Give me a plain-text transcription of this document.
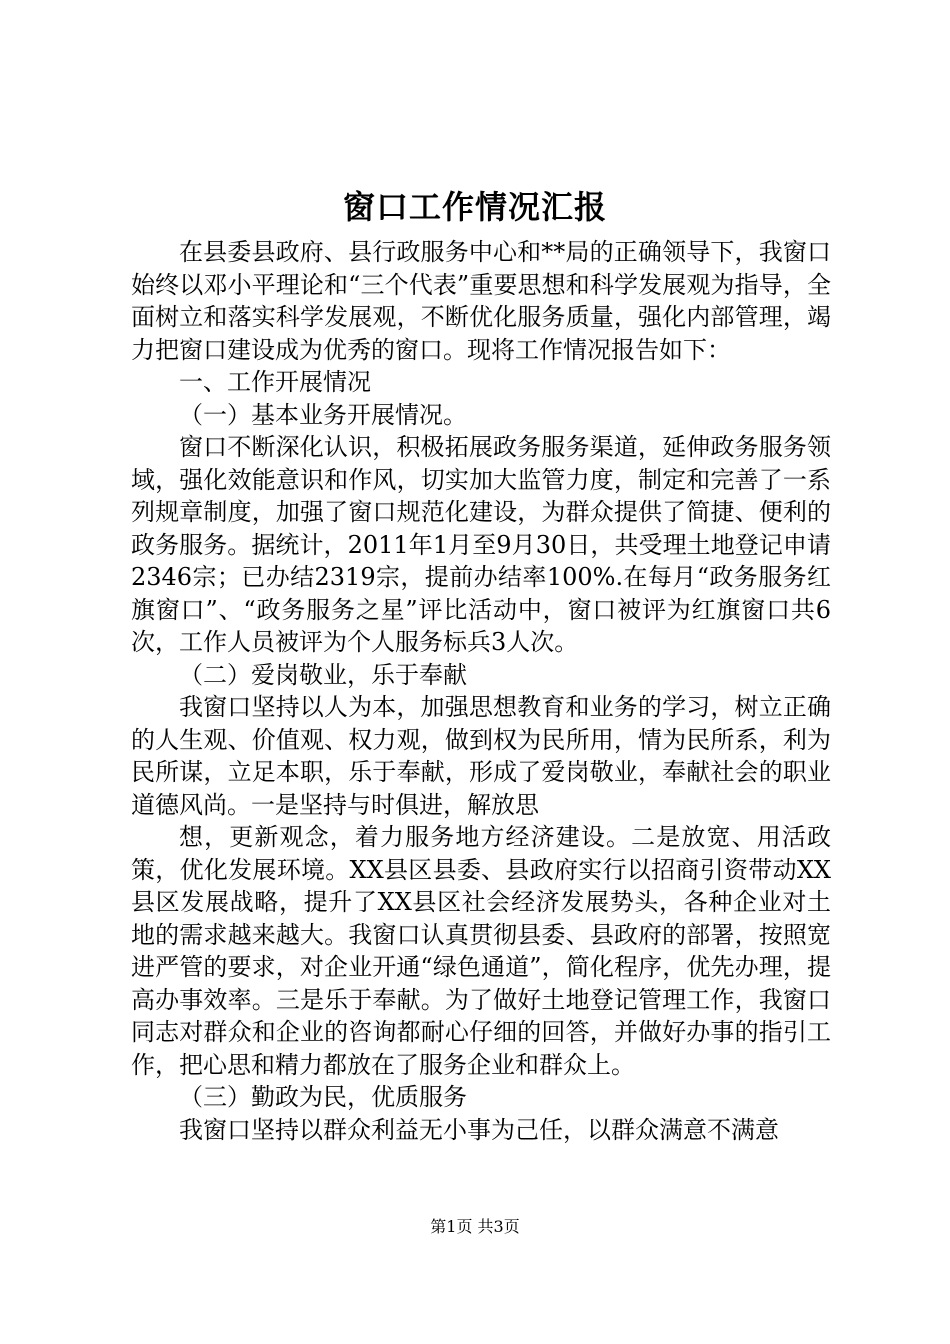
窗口工作情况汇报

在县委县政府、县行政服务中心和**局的正确领导下，我窗口始终以邓小平理论和“三个代表”重要思想和科学发展观为指导，全面树立和落实科学发展观，不断优化服务质量，强化内部管理，竭力把窗口建设成为优秀的窗口。现将工作情况报告如下：

一、工作开展情况

（一）基本业务开展情况。

窗口不断深化认识，积极拓展政务服务渠道，延伸政务服务领域，强化效能意识和作风，切实加大监管力度，制定和完善了一系列规章制度，加强了窗口规范化建设，为群众提供了简捷、便利的政务服务。据统计，2011年1月至9月30日，共受理土地登记申请2346宗；已办结2319宗，提前办结率100%.在每月“政务服务红旗窗口”、“政务服务之星”评比活动中，窗口被评为红旗窗口共6次，工作人员被评为个人服务标兵3人次。

（二）爱岗敬业，乐于奉献

我窗口坚持以人为本，加强思想教育和业务的学习，树立正确的人生观、价值观、权力观，做到权为民所用，情为民所系，利为民所谋，立足本职，乐于奉献，形成了爱岗敬业，奉献社会的职业道德风尚。一是坚持与时俱进，解放思

想，更新观念，着力服务地方经济建设。二是放宽、用活政策，优化发展环境。XX县区县委、县政府实行以招商引资带动XX县区发展战略，提升了XX县区社会经济发展势头，各种企业对土地的需求越来越大。我窗口认真贯彻县委、县政府的部署，按照宽进严管的要求，对企业开通“绿色通道”，简化程序，优先办理，提高办事效率。三是乐于奉献。为了做好土地登记管理工作，我窗口同志对群众和企业的咨询都耐心仔细的回答，并做好办事的指引工作，把心思和精力都放在了服务企业和群众上。

（三）勤政为民，优质服务

我窗口坚持以群众利益无小事为己任，以群众满意不满意

第1页 共3页
